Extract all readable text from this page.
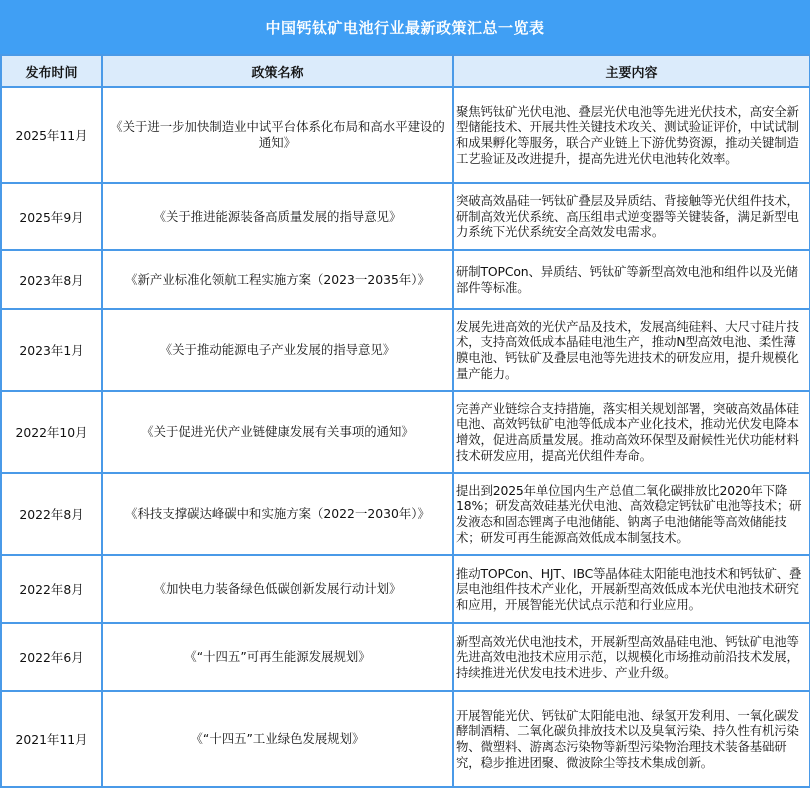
中国钙钛矿电池行业最新政策汇总一览表
发布时间	政策名称	主要内容
2025年11月	《关于进一步加快制造业中试平台体系化布局和高水平建设的通知》	聚焦钙钛矿光伏电池、叠层光伏电池等先进光伏技术，高安全新型储能技术、开展共性关键技术攻关、测试验证评价，中试试制和成果孵化等服务，联合产业链上下游优势资源，推动关键制造工艺验证及改进提升，提高先进光伏电池转化效率。
2025年9月	《关于推进能源装备高质量发展的指导意见》	突破高效晶硅一钙钛矿叠层及异质结、背接触等光伏组件技术，研制高效光伏系统、高压组串式逆变器等关键装备，满足新型电力系统下光伏系统安全高效发电需求。
2023年8月	《新产业标准化领航工程实施方案（2023一2035年）》	研制TOPCon、异质结、钙钛矿等新型高效电池和组件以及光储部件等标准。
2023年1月	《关于推动能源电子产业发展的指导意见》	发展先进高效的光伏产品及技术，发展高纯硅料、大尺寸硅片技术，支持高效低成本晶硅电池生产，推动N型高效电池、柔性薄膜电池、钙钛矿及叠层电池等先进技术的研发应用，提升规模化量产能力。
2022年10月	《关于促进光伏产业链健康发展有关事项的通知》	完善产业链综合支持措施，落实相关规划部署，突破高效晶体硅电池、高效钙钛矿电池等低成本产业化技术，推动光伏发电降本增效，促进高质量发展。推动高效环保型及耐候性光伏功能材料技术研发应用，提高光伏组件寿命。
2022年8月	《科技支撑碳达峰碳中和实施方案（2022一2030年）》	提出到2025年单位国内生产总值二氧化碳排放比2020年下降18%；研发高效硅基光伏电池、高效稳定钙钛矿电池等技术；研发液态和固态锂离子电池储能、钠离子电池储能等高效储能技术；研发可再生能源高效低成本制氢技术。
2022年8月	《加快电力装备绿色低碳创新发展行动计划》	推动TOPCon、HJT、IBC等晶体硅太阳能电池技术和钙钛矿、叠层电池组件技术产业化，开展新型高效低成本光伏电池技术研究和应用，开展智能光伏试点示范和行业应用。
2022年6月	《“十四五”可再生能源发展规划》	新型高效光伏电池技术，开展新型高效晶硅电池、钙钛矿电池等先进高效电池技术应用示范，以规模化市场推动前沿技术发展，持续推进光伏发电技术进步、产业升级。
2021年11月	《“十四五”工业绿色发展规划》	开展智能光伏、钙钛矿太阳能电池、绿氢开发利用、一氧化碳发酵制酒精、二氧化碳负排放技术以及臭氧污染、持久性有机污染物、微塑料、游离态污染物等新型污染物治理技术装备基础研究，稳步推进团聚、微波除尘等技术集成创新。
